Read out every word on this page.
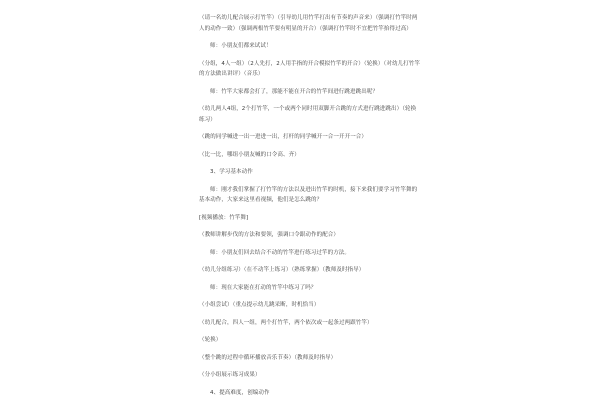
（请一名幼儿配合展示打竹竿）（引导幼儿用竹竿打出有节奏的声音来）（强调打竹竿时两人的动作一致）（强调两根竹竿要有明显的开合）（强调打竹竿时不宜把竹竿抬得过高）

师：小朋友们都来试试！

（分组，4人一组）（2人先打，2人用手指的开合模拟竹竿的开合）（轮换）（对幼儿打竹竿的方法做出讲评）（音乐）

师：竹竿大家都会打了，那能不能在开合的竹竿间进行跳进跳出呢？

（幼儿两人4组，2个打竹竿，一个或两个同时用双脚开合跳的方式进行跳进跳出）（轮换练习）

（跳的同学喊进一出一进进一出，打杆的同学喊开一合一开开一合）

（比一比，哪组小朋友喊的口令高、齐）

3、学习基本动作

师：刚才我们掌握了打竹竿的方法以及进出竹竿的时机，接下来我们要学习竹竿舞的基本动作，大家来这里看视频，他们是怎么跳的？

[视频播放：竹竿舞]

（教师讲解步伐的方法和要领，强调口令跟动作的配合）

师：小朋友们回去结合不动的竹竿进行练习过竿的方法。

（幼儿分组练习）（在不动竿上练习）（熟练掌握）（教师及时指导）

师：现在大家能在打动的竹竿中练习了吗？

（小组尝试）（重点提示幼儿跳采断，时机恰当）

（幼儿配合，四人一组，两个打竹竿，两个依次或一起条过两跟竹竿）

（轮换）

（整个跳的过程中循环播放音乐节奏）（教师及时指导）

（分小组展示练习成果）

4、提高难度，创编动作
